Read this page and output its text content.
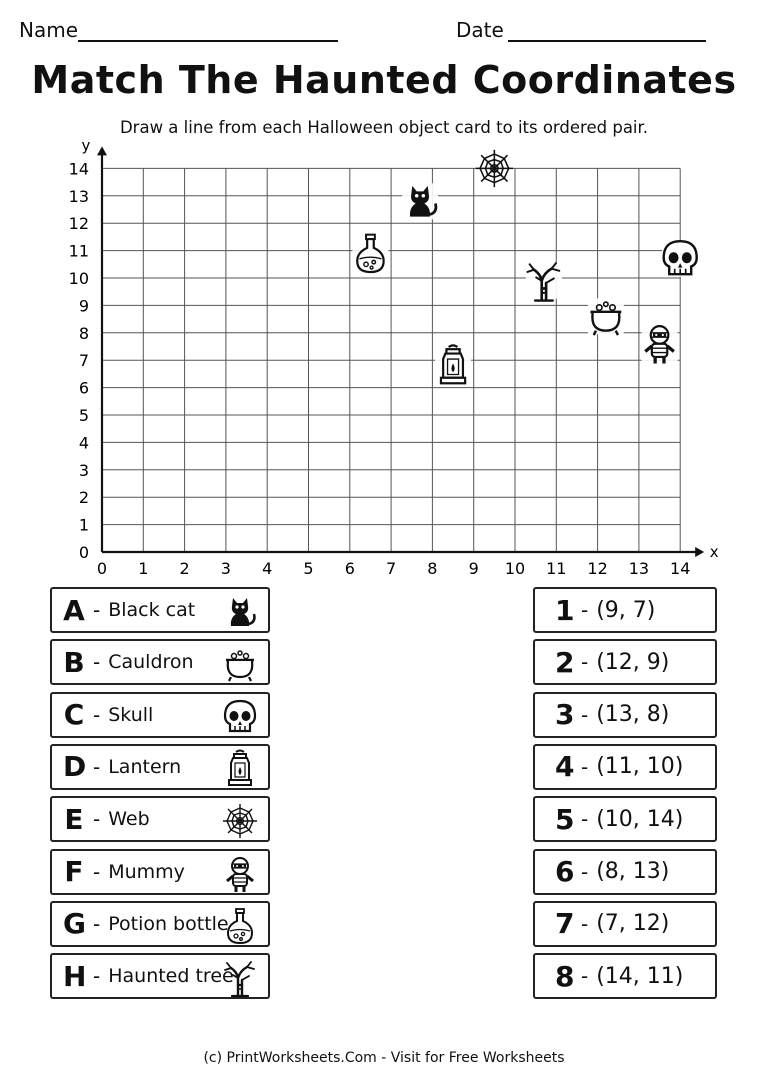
Name	Date
Match The Haunted Coordinates
Draw a line from each Halloween object card to its ordered pair.
x
y
0 1 2 3 4 5 6 7 8 9 10 11 12 13 14
0
1
2
3
4
5
6
7
8
9
10
11
12
13
14
A - Black cat
B - Cauldron
C - Skull
D - Lantern
E - Web
F - Mummy
G - Potion bottle
H - Haunted tree
1 - (9, 7)
2 - (12, 9)
3 - (13, 8)
4 - (11, 10)
5 - (10, 14)
6 - (8, 13)
7 - (7, 12)
8 - (14, 11)
(c) PrintWorksheets.Com - Visit for Free Worksheets
